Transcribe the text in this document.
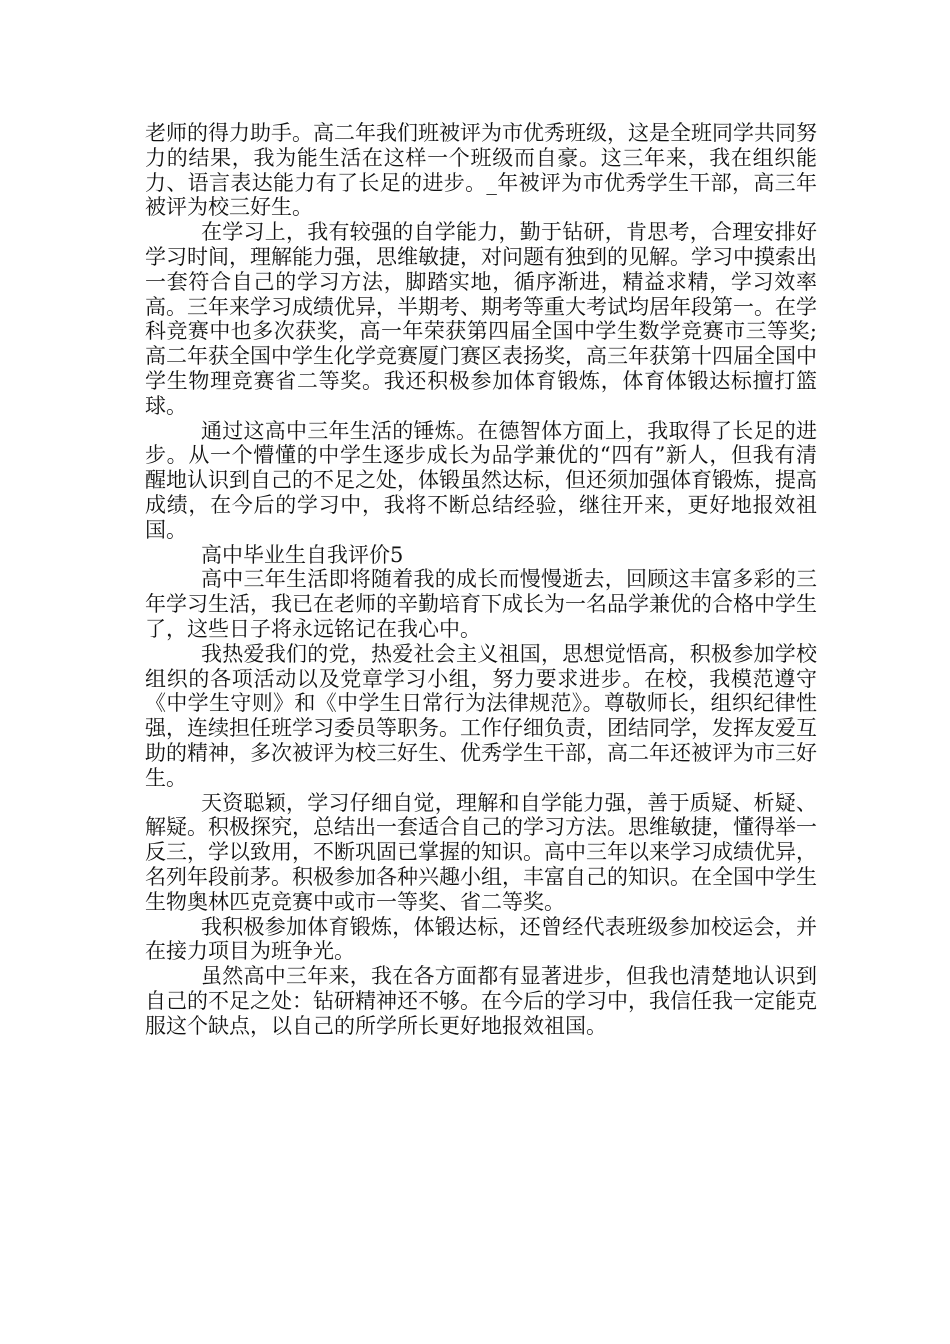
老师的得力助手。高二年我们班被评为市优秀班级，这是全班同学共同努力的结果，我为能生活在这样一个班级而自豪。这三年来，我在组织能力、语言表达能力有了长足的进步。_年被评为市优秀学生干部，高三年被评为校三好生。

在学习上，我有较强的自学能力，勤于钻研，肯思考，合理安排好学习时间，理解能力强，思维敏捷，对问题有独到的见解。学习中摸索出一套符合自己的学习方法，脚踏实地，循序渐进，精益求精，学习效率高。三年来学习成绩优异，半期考、期考等重大考试均居年段第一。在学科竞赛中也多次获奖，高一年荣获第四届全国中学生数学竞赛市三等奖;高二年获全国中学生化学竞赛厦门赛区表扬奖，高三年获第十四届全国中学生物理竞赛省二等奖。我还积极参加体育锻炼，体育体锻达标擅打篮球。

通过这高中三年生活的锤炼。在德智体方面上，我取得了长足的进步。从一个懵懂的中学生逐步成长为品学兼优的“四有”新人，但我有清醒地认识到自己的不足之处，体锻虽然达标，但还须加强体育锻炼，提高成绩，在今后的学习中，我将不断总结经验，继往开来，更好地报效祖国。

高中毕业生自我评价5

高中三年生活即将随着我的成长而慢慢逝去，回顾这丰富多彩的三年学习生活，我已在老师的辛勤培育下成长为一名品学兼优的合格中学生了，这些日子将永远铭记在我心中。

我热爱我们的党，热爱社会主义祖国，思想觉悟高，积极参加学校组织的各项活动以及党章学习小组，努力要求进步。在校，我模范遵守《中学生守则》和《中学生日常行为法律规范》。尊敬师长，组织纪律性强，连续担任班学习委员等职务。工作仔细负责，团结同学，发挥友爱互助的精神，多次被评为校三好生、优秀学生干部，高二年还被评为市三好生。

天资聪颖，学习仔细自觉，理解和自学能力强，善于质疑、析疑、解疑。积极探究，总结出一套适合自己的学习方法。思维敏捷，懂得举一反三，学以致用，不断巩固已掌握的知识。高中三年以来学习成绩优异，名列年段前茅。积极参加各种兴趣小组，丰富自己的知识。在全国中学生生物奥林匹克竞赛中或市一等奖、省二等奖。

我积极参加体育锻炼，体锻达标，还曾经代表班级参加校运会，并在接力项目为班争光。

虽然高中三年来，我在各方面都有显著进步，但我也清楚地认识到自己的不足之处：钻研精神还不够。在今后的学习中，我信任我一定能克服这个缺点，以自己的所学所长更好地报效祖国。
